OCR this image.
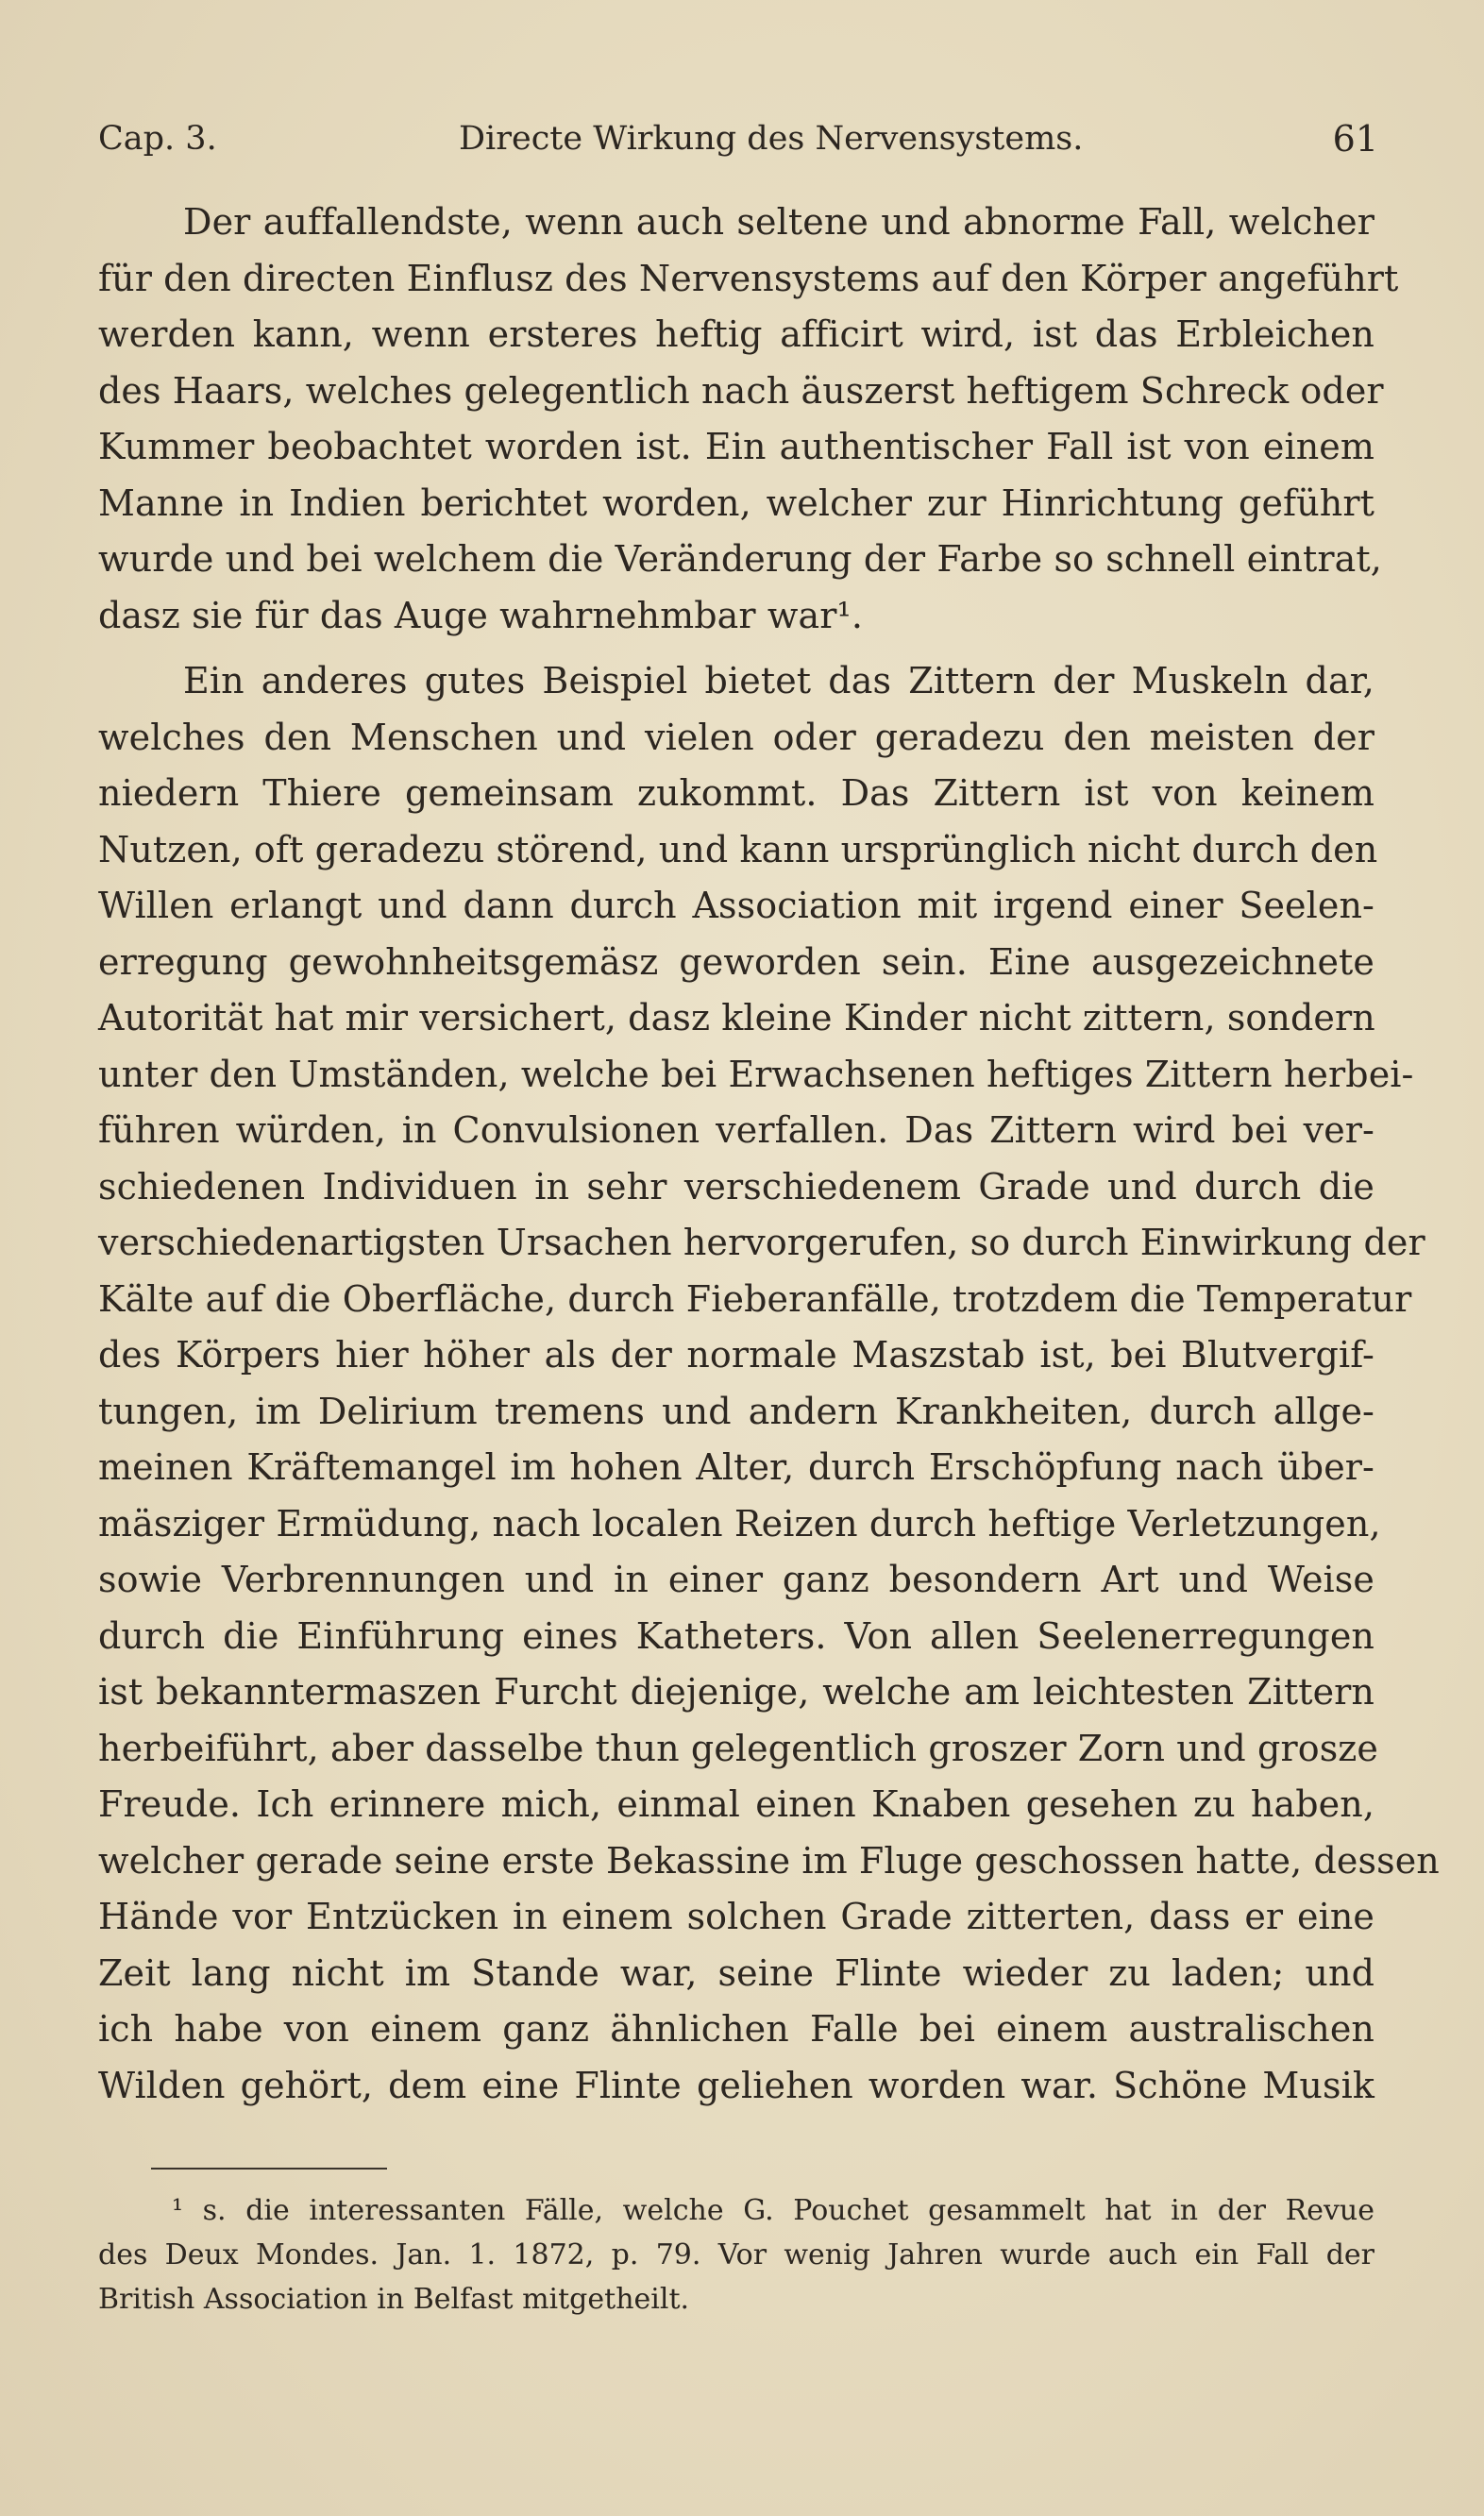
Cap. 3.	Directe Wirkung des Nervensystems.	61
Der auffallendste, wenn auch seltene und abnorme Fall, welcher
für den directen Einflusz des Nervensystems auf den Körper angeführt
werden kann, wenn ersteres heftig afficirt wird, ist das Erbleichen
des Haars, welches gelegentlich nach äuszerst heftigem Schreck oder
Kummer beobachtet worden ist. Ein authentischer Fall ist von einem
Manne in Indien berichtet worden, welcher zur Hinrichtung geführt
wurde und bei welchem die Veränderung der Farbe so schnell eintrat,
dasz sie für das Auge wahrnehmbar war¹.
Ein anderes gutes Beispiel bietet das Zittern der Muskeln dar,
welches den Menschen und vielen oder geradezu den meisten der
niedern Thiere gemeinsam zukommt. Das Zittern ist von keinem
Nutzen, oft geradezu störend, und kann ursprünglich nicht durch den
Willen erlangt und dann durch Association mit irgend einer Seelen-
erregung gewohnheitsgemäsz geworden sein. Eine ausgezeichnete
Autorität hat mir versichert, dasz kleine Kinder nicht zittern, sondern
unter den Umständen, welche bei Erwachsenen heftiges Zittern herbei-
führen würden, in Convulsionen verfallen. Das Zittern wird bei ver-
schiedenen Individuen in sehr verschiedenem Grade und durch die
verschiedenartigsten Ursachen hervorgerufen, so durch Einwirkung der
Kälte auf die Oberfläche, durch Fieberanfälle, trotzdem die Temperatur
des Körpers hier höher als der normale Maszstab ist, bei Blutvergif-
tungen, im Delirium tremens und andern Krankheiten, durch allge-
meinen Kräftemangel im hohen Alter, durch Erschöpfung nach über-
mäsziger Ermüdung, nach localen Reizen durch heftige Verletzungen,
sowie Verbrennungen und in einer ganz besondern Art und Weise
durch die Einführung eines Katheters. Von allen Seelenerregungen
ist bekanntermaszen Furcht diejenige, welche am leichtesten Zittern
herbeiführt, aber dasselbe thun gelegentlich groszer Zorn und grosze
Freude. Ich erinnere mich, einmal einen Knaben gesehen zu haben,
welcher gerade seine erste Bekassine im Fluge geschossen hatte, dessen
Hände vor Entzücken in einem solchen Grade zitterten, dass er eine
Zeit lang nicht im Stande war, seine Flinte wieder zu laden; und
ich habe von einem ganz ähnlichen Falle bei einem australischen
Wilden gehört, dem eine Flinte geliehen worden war. Schöne Musik
¹ s. die interessanten Fälle, welche G. Pouchet gesammelt hat in der Revue
des Deux Mondes. Jan. 1. 1872, p. 79. Vor wenig Jahren wurde auch ein Fall der
British Association in Belfast mitgetheilt.
